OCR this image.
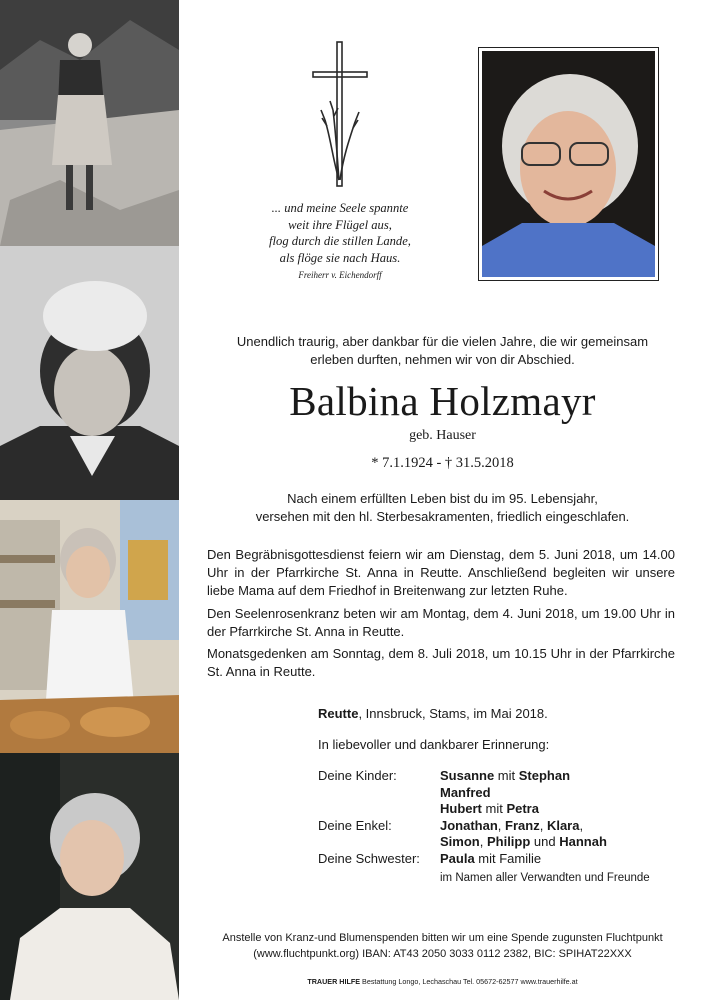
... und meine Seele spannte
weit ihre Flügel aus,
flog durch die stillen Lande,
als flöge sie nach Haus.
Freiherr v. Eichendorff
Unendlich traurig, aber dankbar für die vielen Jahre, die wir gemeinsam
erleben durften, nehmen wir von dir Abschied.
Balbina Holzmayr
geb. Hauser
* 7.1.1924 - † 31.5.2018
Nach einem erfüllten Leben bist du im 95. Lebensjahr,
versehen mit den hl. Sterbesakramenten, friedlich eingeschlafen.
Den Begräbnisgottesdienst feiern wir am Dienstag, dem 5. Juni 2018, um 14.00 Uhr in der Pfarrkirche St. Anna in Reutte. Anschließend begleiten wir unsere liebe Mama auf dem Friedhof in Breitenwang zur letzten Ruhe.
Den Seelenrosenkranz beten wir am Montag, dem 4. Juni 2018, um 19.00 Uhr in der Pfarrkirche St. Anna in Reutte.
Monatsgedenken am Sonntag, dem 8. Juli 2018, um 10.15 Uhr in der Pfarrkirche St. Anna in Reutte.
Reutte, Innsbruck, Stams, im Mai 2018.
In liebevoller und dankbarer Erinnerung:
Deine Kinder:	Susanne mit Stephan
Manfred
Hubert mit Petra
Deine Enkel:	Jonathan, Franz, Klara,
Simon, Philipp und Hannah
Deine Schwester:	Paula mit Familie
im Namen aller Verwandten und Freunde
Anstelle von Kranz-und Blumenspenden bitten wir um eine Spende zugunsten Fluchtpunkt
(www.fluchtpunkt.org) IBAN: AT43 2050 3033 0112 2382, BIC: SPIHAT22XXX
TRAUER HILFE Bestattung Longo, Lechaschau Tel. 05672-62577 www.trauerhilfe.at
